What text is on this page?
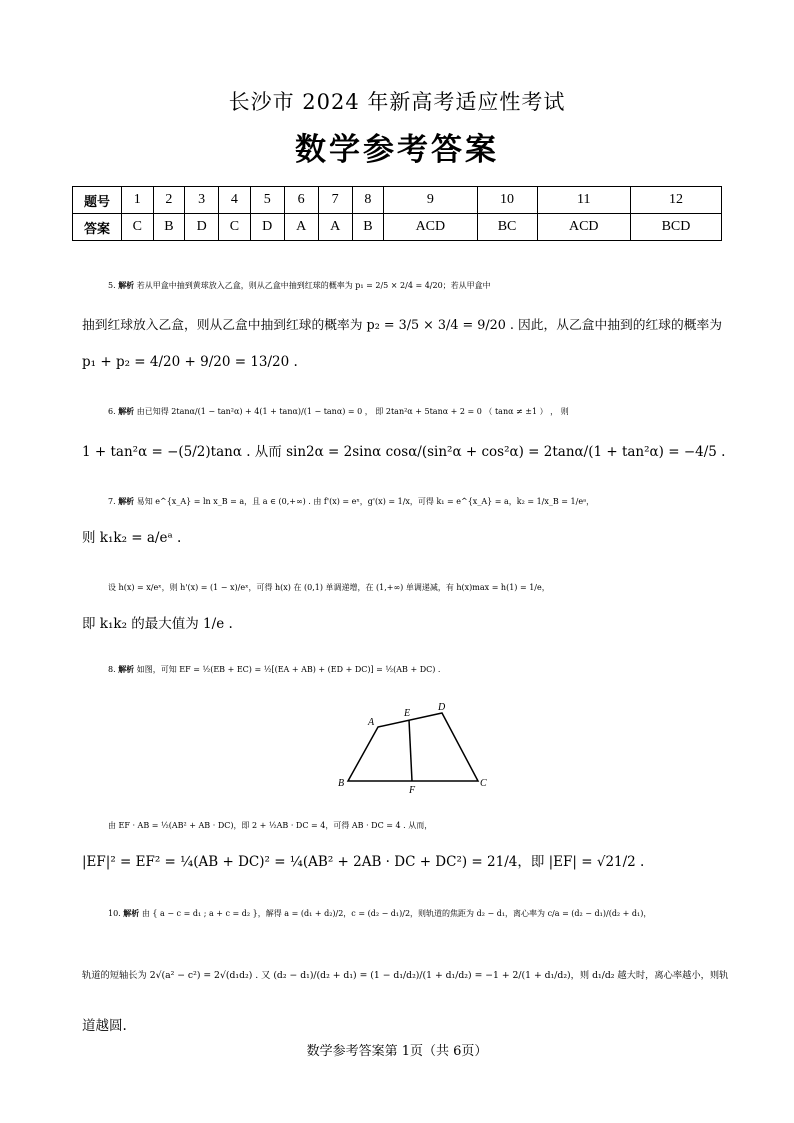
长沙市 2024 年新高考适应性考试
数学参考答案
题号	1	2	3	4	5	6	7	8	9	10	11	12
答案	C	B	D	C	D	A	A	B	ACD	BC	ACD	BCD
5. 解析 若从甲盒中抽到黄球放入乙盒，则从乙盒中抽到红球的概率为 p₁ = 2/5 × 2/4 = 4/20；若从甲盒中
抽到红球放入乙盒，则从乙盒中抽到红球的概率为 p₂ = 3/5 × 3/4 = 9/20 . 因此，从乙盒中抽到的红球的概率为
p₁ + p₂ = 4/20 + 9/20 = 13/20 .
6. 解析 由已知得 2tanα/(1 − tan²α) + 4(1 + tanα)/(1 − tanα) = 0 ， 即 2tan²α + 5tanα + 2 = 0 （ tanα ≠ ±1 ） ， 则
1 + tan²α = −(5/2)tanα . 从而 sin2α = 2sinα cosα/(sin²α + cos²α) = 2tanα/(1 + tan²α) = −4/5 .
7. 解析 易知 e^{x_A} = ln x_B = a，且 a ∈ (0,+∞) . 由 f'(x) = eˣ，g'(x) = 1/x，可得 k₁ = e^{x_A} = a，k₂ = 1/x_B = 1/eᵃ，
则 k₁k₂ = a/eᵃ .
设 h(x) = x/eˣ，则 h'(x) = (1 − x)/eˣ，可得 h(x) 在 (0,1) 单调递增，在 (1,+∞) 单调递减，有 h(x)max = h(1) = 1/e，
即 k₁k₂ 的最大值为 1/e .
8. 解析 如图，可知 EF = ½(EB + EC) = ½[(EA + AB) + (ED + DC)] = ½(AB + DC) .
A
D
E
B	C
F
由 EF · AB = ½(AB² + AB · DC)，即 2 + ½AB · DC = 4，可得 AB · DC = 4 . 从而，
|EF|² = EF² = ¼(AB + DC)² = ¼(AB² + 2AB · DC + DC²) = 21/4，即 |EF| = √21/2 .
10. 解析 由 { a − c = d₁ ; a + c = d₂ }，解得 a = (d₁ + d₂)/2，c = (d₂ − d₁)/2，则轨道的焦距为 d₂ − d₁，离心率为 c/a = (d₂ − d₁)/(d₂ + d₁)，
轨道的短轴长为 2√(a² − c²) = 2√(d₁d₂) . 又 (d₂ − d₁)/(d₂ + d₁) = (1 − d₁/d₂)/(1 + d₁/d₂) = −1 + 2/(1 + d₁/d₂)，则 d₁/d₂ 越大时，离心率越小，则轨
道越圆.
数学参考答案第 1页（共 6页）
